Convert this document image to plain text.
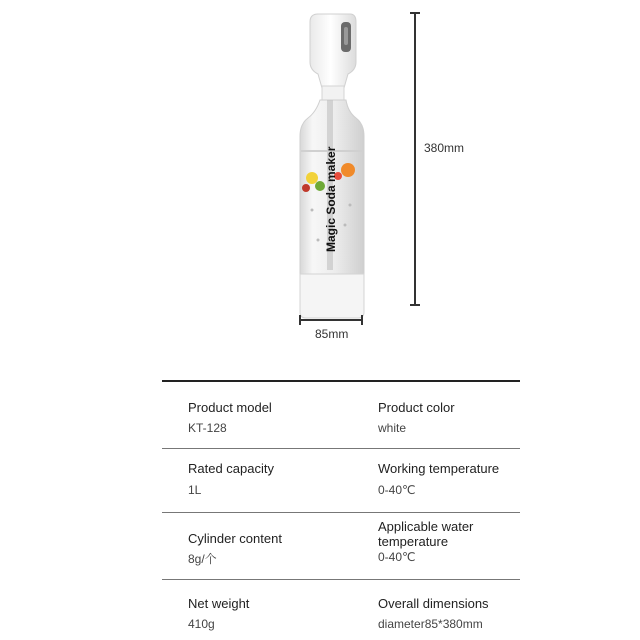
Magic Soda maker	380mm
85mm
Product model
KT-128
Product color
white
Rated capacity
1L
Working temperature
0-40℃
Cylinder content
8g/个
Applicable water
temperature
0-40℃
Net weight
410g
Overall dimensions
diameter85*380mm
